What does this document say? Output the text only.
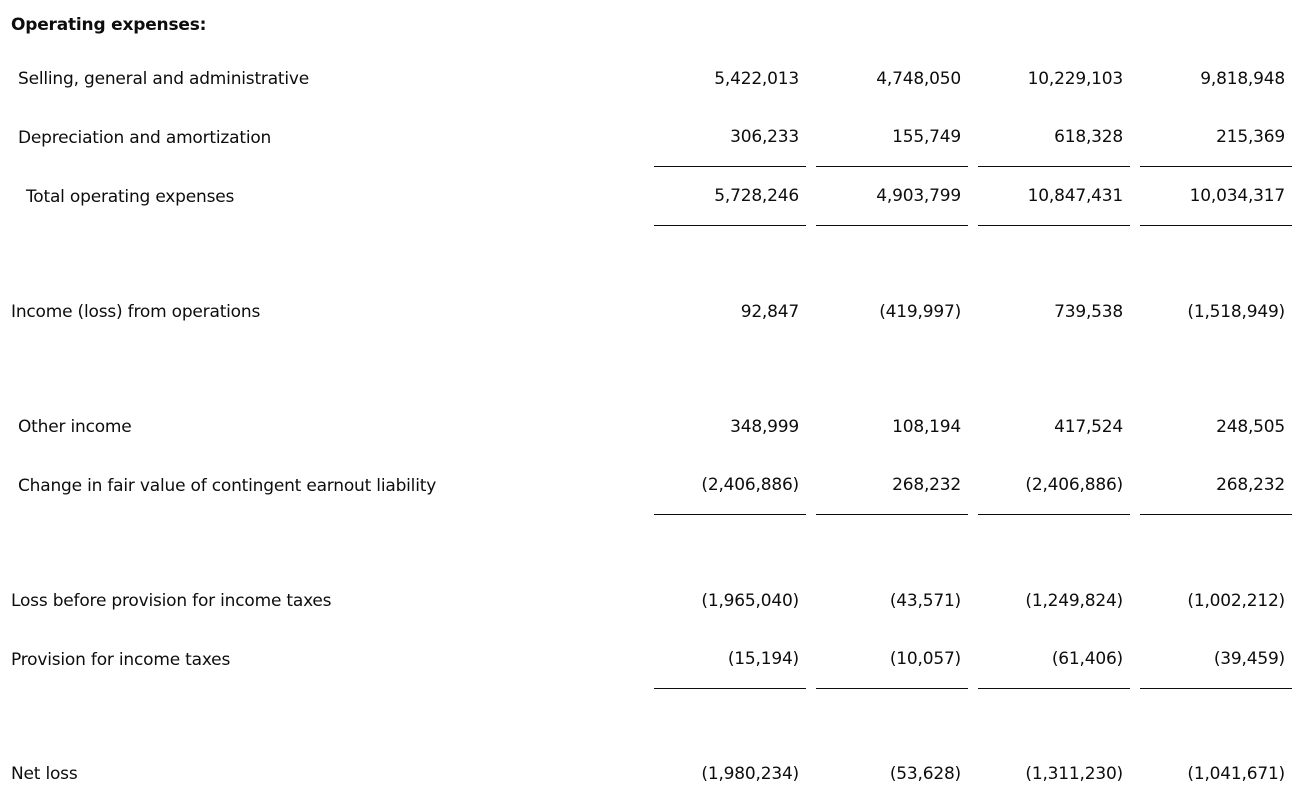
Operating expenses:
Selling, general and administrative	5,422,013	4,748,050	10,229,103	9,818,948
Depreciation and amortization	306,233	155,749	618,328	215,369
Total operating expenses	5,728,246	4,903,799	10,847,431	10,034,317
Income (loss) from operations	92,847	(419,997)	739,538	(1,518,949)
Other income	348,999	108,194	417,524	248,505
Change in fair value of contingent earnout liability	(2,406,886)	268,232	(2,406,886)	268,232
Loss before provision for income taxes	(1,965,040)	(43,571)	(1,249,824)	(1,002,212)
Provision for income taxes	(15,194)	(10,057)	(61,406)	(39,459)
Net loss	(1,980,234)	(53,628)	(1,311,230)	(1,041,671)
